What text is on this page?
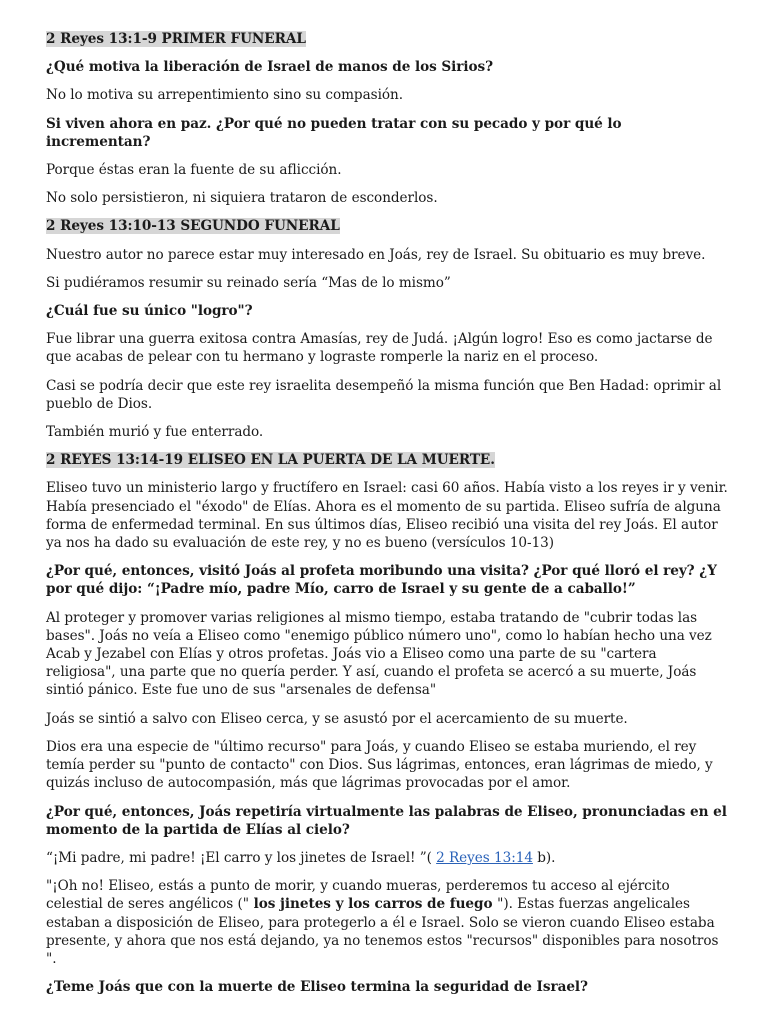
2 Reyes 13:1-9 PRIMER FUNERAL

¿Qué motiva la liberación de Israel de manos de los Sirios?

No lo motiva su arrepentimiento sino su compasión.

Si viven ahora en paz. ¿Por qué no pueden tratar con su pecado y por qué lo incrementan?

Porque éstas eran la fuente de su aflicción.

No solo persistieron, ni siquiera trataron de esconderlos.

2 Reyes 13:10-13 SEGUNDO FUNERAL

Nuestro autor no parece estar muy interesado en Joás, rey de Israel. Su obituario es muy breve.

Si pudiéramos resumir su reinado sería “Mas de lo mismo”

¿Cuál fue su único "logro"?

Fue librar una guerra exitosa contra Amasías, rey de Judá. ¡Algún logro! Eso es como jactarse de que acabas de pelear con tu hermano y lograste romperle la nariz en el proceso.

Casi se podría decir que este rey israelita desempeñó la misma función que Ben Hadad: oprimir al pueblo de Dios.

También murió y fue enterrado.

2 REYES 13:14-19 ELISEO EN LA PUERTA DE LA MUERTE.

Eliseo tuvo un ministerio largo y fructífero en Israel: casi 60 años. Había visto a los reyes ir y venir. Había presenciado el "éxodo" de Elías. Ahora es el momento de su partida. Eliseo sufría de alguna forma de enfermedad terminal. En sus últimos días, Eliseo recibió una visita del rey Joás. El autor ya nos ha dado su evaluación de este rey, y no es bueno (versículos 10-13)

¿Por qué, entonces, visitó Joás al profeta moribundo una visita? ¿Por qué lloró el rey? ¿Y por qué dijo: “¡Padre mío, padre Mío, carro de Israel y su gente de a caballo!”

Al proteger y promover varias religiones al mismo tiempo, estaba tratando de "cubrir todas las bases". Joás no veía a Eliseo como "enemigo público número uno", como lo habían hecho una vez Acab y Jezabel con Elías y otros profetas. Joás vio a Eliseo como una parte de su "cartera religiosa", una parte que no quería perder. Y así, cuando el profeta se acercó a su muerte, Joás sintió pánico. Este fue uno de sus "arsenales de defensa"

Joás se sintió a salvo con Eliseo cerca, y se asustó por el acercamiento de su muerte.

Dios era una especie de "último recurso" para Joás, y cuando Eliseo se estaba muriendo, el rey temía perder su "punto de contacto" con Dios. Sus lágrimas, entonces, eran lágrimas de miedo, y quizás incluso de autocompasión, más que lágrimas provocadas por el amor.

¿Por qué, entonces, Joás repetiría virtualmente las palabras de Eliseo, pronunciadas en el momento de la partida de Elías al cielo?

“¡Mi padre, mi padre! ¡El carro y los jinetes de Israel! ”( 2 Reyes 13:14 b).

"¡Oh no! Eliseo, estás a punto de morir, y cuando mueras, perderemos tu acceso al ejército celestial de seres angélicos (" los jinetes y los carros de fuego "). Estas fuerzas angelicales estaban a disposición de Eliseo, para protegerlo a él e Israel. Solo se vieron cuando Eliseo estaba presente, y ahora que nos está dejando, ya no tenemos estos "recursos" disponibles para nosotros ".

¿Teme Joás que con la muerte de Eliseo termina la seguridad de Israel?
